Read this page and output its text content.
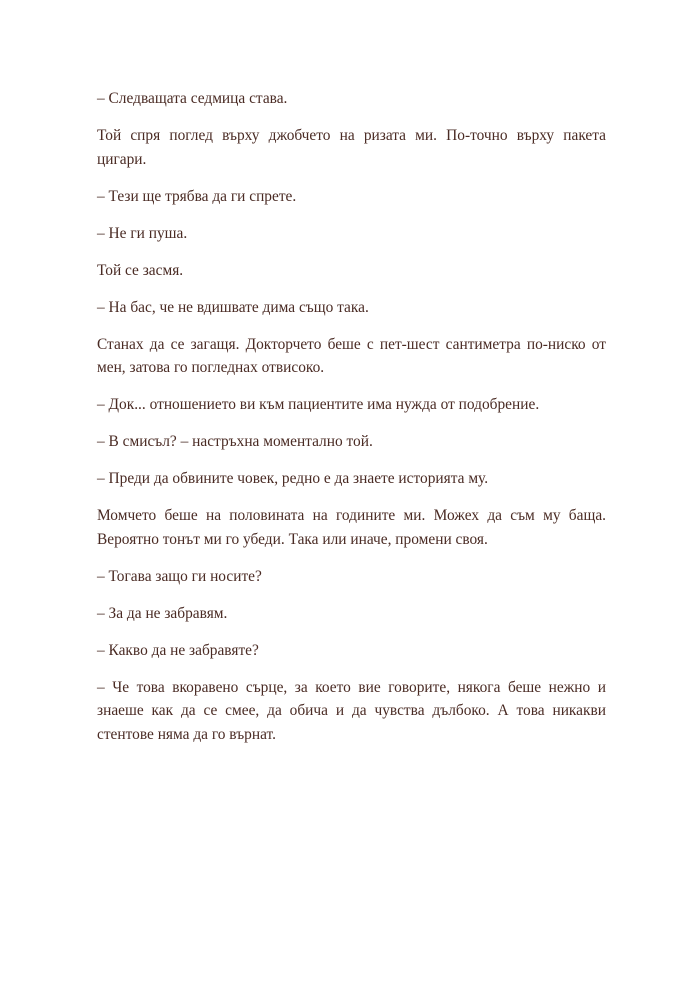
– Следващата седмица става.

Той спря поглед върху джобчето на ризата ми. По-точно върху пакета цигари.

– Тези ще трябва да ги спрете.

– Не ги пуша.

Той се засмя.

– На бас, че не вдишвате дима също така.

Станах да се загащя. Докторчето беше с пет-шест сантиметра по-ниско от мен, затова го погледнах отвисоко.

– Док... отношението ви към пациентите има нужда от подобрение.

– В смисъл? – настръхна моментално той.

– Преди да обвините човек, редно е да знаете историята му.

Момчето беше на половината на годините ми. Можех да съм му баща. Вероятно тонът ми го убеди. Така или иначе, промени своя.

– Тогава защо ги носите?

– За да не забравям.

– Какво да не забравяте?

– Че това вкоравено сърце, за което вие говорите, някога беше нежно и знаеше как да се смее, да обича и да чувства дълбоко. А това никакви стентове няма да го върнат.
